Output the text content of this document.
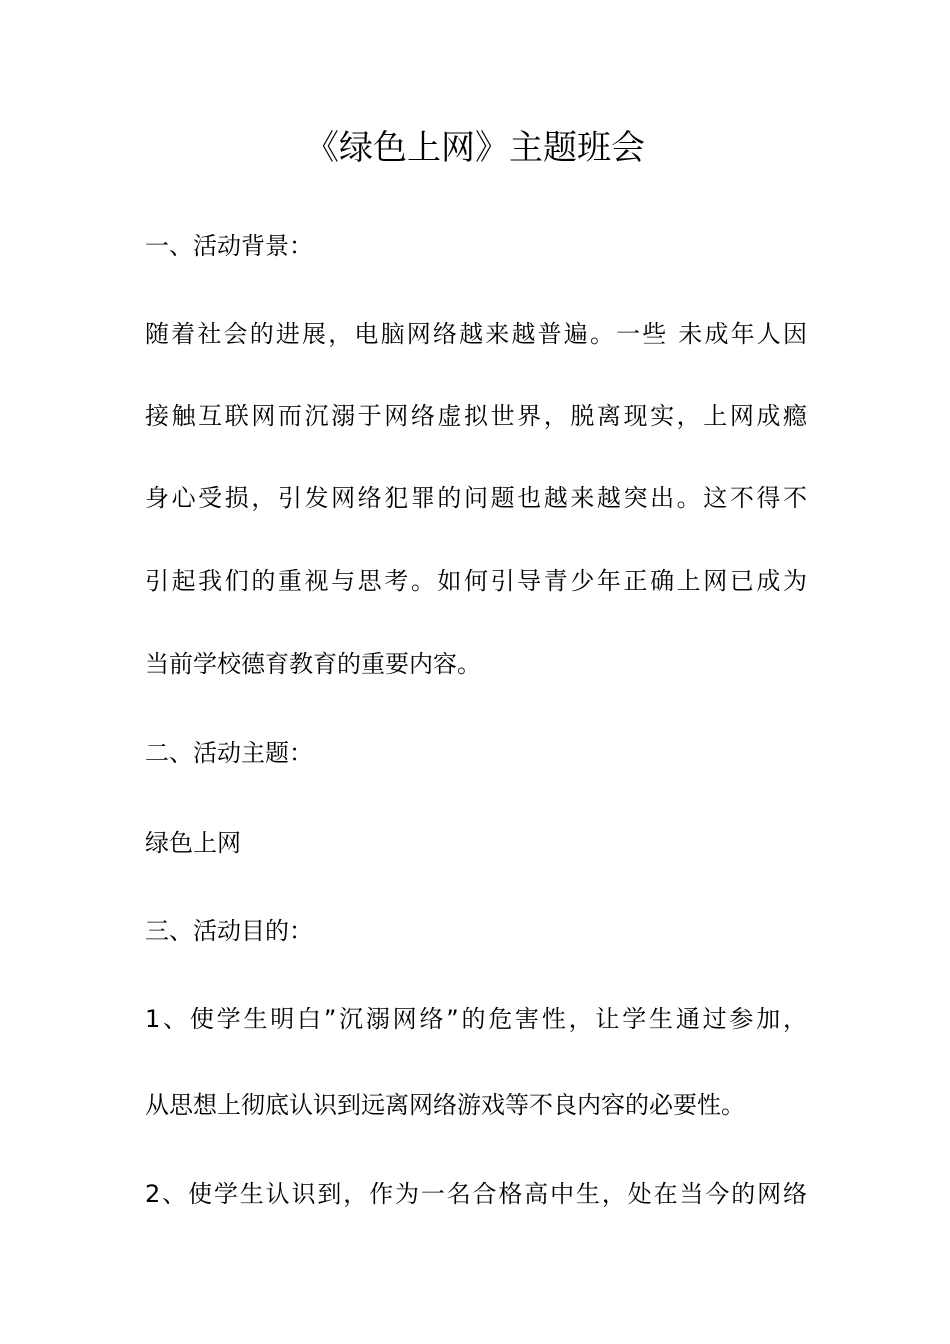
《绿色上网》主题班会
一、活动背景：
随着社会的进展，电脑网络越来越普遍。一些 未成年人因
接触互联网而沉溺于网络虚拟世界，脱离现实，上网成瘾
身心受损，引发网络犯罪的问题也越来越突出。这不得不
引起我们的重视与思考。如何引导青少年正确上网已成为
当前学校德育教育的重要内容。
二、活动主题：
绿色上网
三、活动目的：
1、使学生明白”沉溺网络”的危害性，让学生通过参加，
从思想上彻底认识到远离网络游戏等不良内容的必要性。
2、使学生认识到，作为一名合格高中生，处在当今的网络
